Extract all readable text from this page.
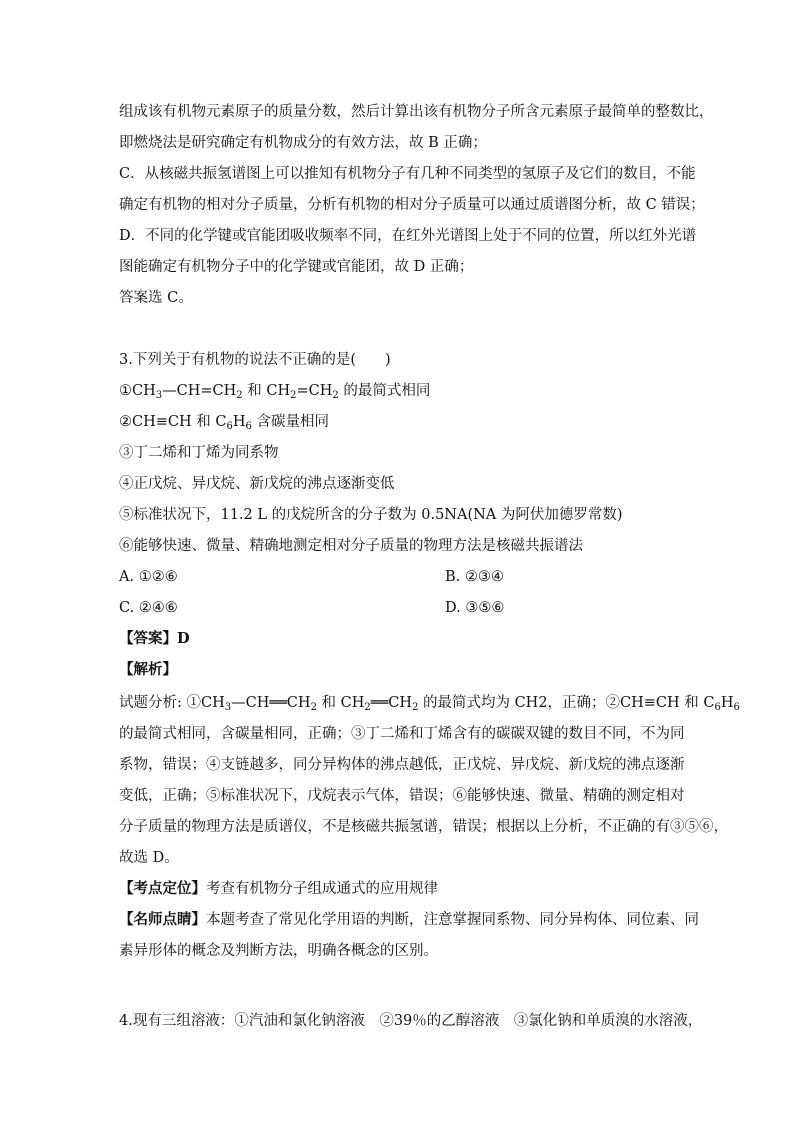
组成该有机物元素原子的质量分数，然后计算出该有机物分子所含元素原子最简单的整数比，
即燃烧法是研究确定有机物成分的有效方法，故 B 正确；
C．从核磁共振氢谱图上可以推知有机物分子有几种不同类型的氢原子及它们的数目，不能
确定有机物的相对分子质量，分析有机物的相对分子质量可以通过质谱图分析，故 C 错误；
D．不同的化学键或官能团吸收频率不同，在红外光谱图上处于不同的位置，所以红外光谱
图能确定有机物分子中的化学键或官能团，故 D 正确；
答案选 C。
3.下列关于有机物的说法不正确的是(　　)
$①CH_3—CH=CH_2$ 和 $CH_2=CH_2$ 的最简式相同
②CH≡CH 和 $C_6H_6$ 含碳量相同
③丁二烯和丁烯为同系物
④正戊烷、异戊烷、新戊烷的沸点逐渐变低
⑤标准状况下，11.2 L 的戊烷所含的分子数为 0.5NA(NA 为阿伏加德罗常数)
⑥能够快速、微量、精确地测定相对分子质量的物理方法是核磁共振谱法
A. ①②⑥	B. ②③④
C. ②④⑥	D. ③⑤⑥
【答案】D
【解析】
试题分析: $①CH_3—CH══CH_2$ 和 $CH_2══CH_2$ 的最简式均为 CH2，正确；②CH≡CH 和 $C_6H_6$
的最简式相同，含碳量相同，正确；③丁二烯和丁烯含有的碳碳双键的数目不同，不为同
系物，错误；④支链越多，同分异构体的沸点越低，正戊烷、异戊烷、新戊烷的沸点逐渐
变低，正确；⑤标准状况下，戊烷表示气体，错误；⑥能够快速、微量、精确的测定相对
分子质量的物理方法是质谱仪，不是核磁共振氢谱，错误；根据以上分析，不正确的有③⑤⑥，
故选 D。
【考点定位】考查有机物分子组成通式的应用规律
【名师点睛】本题考查了常见化学用语的判断，注意掌握同系物、同分异构体、同位素、同
素异形体的概念及判断方法，明确各概念的区别。
4.现有三组溶液：①汽油和氯化钠溶液　②39％的乙醇溶液　③氯化钠和单质溴的水溶液，
